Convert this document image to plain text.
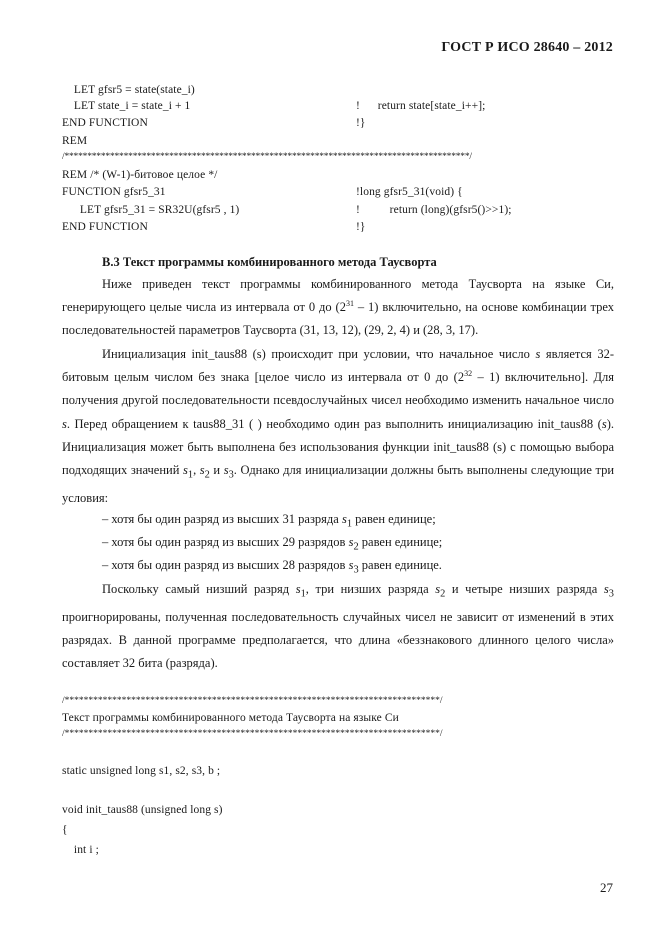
ГОСТ Р ИСО 28640 – 2012
LET gfsr5 = state(state_i)
LET state_i = state_i + 1	!      return state[state_i++];
END FUNCTION	!}
REM
/*****************************************************************************************/
REM /* (W-1)-битовое целое */
FUNCTION gfsr5_31	!long gfsr5_31(void) {
LET gfsr5_31 = SR32U(gfsr5 , 1)	!          return (long)(gfsr5()>>1);
END FUNCTION	!}
В.3 Текст программы комбинированного метода Таусворта
Ниже приведен текст программы комбинированного метода Таусворта на языке Си, генерирующего целые числа из интервала от 0 до $(2^{31} - 1)$ включительно, на основе комбинации трех последовательностей параметров Таусворта (31, 13, 12), (29, 2, 4) и (28, 3, 17).
Инициализация init_taus88 (s) происходит при условии, что начальное число s является 32-битовым целым числом без знака [целое число из интервала от 0 до $(2^{32} - 1)$ включительно]. Для получения другой последовательности псевдослучайных чисел необходимо изменить начальное число s. Перед обращением к taus88_31 ( ) необходимо один раз выполнить инициализацию init_taus88 (s). Инициализация может быть выполнена без использования функции init_taus88 (s) с помощью выбора подходящих значений $s_1$, $s_2$ и $s_3$. Однако для инициализации должны быть выполнены следующие три условия:
– хотя бы один разряд из высших 31 разряда $s_1$ равен единице;
– хотя бы один разряд из высших 29 разрядов $s_2$ равен единице;
– хотя бы один разряд из высших 28 разрядов $s_3$ равен единице.
Поскольку самый низший разряд $s_1$, три низших разряда $s_2$ и четыре низших разряда $s_3$ проигнорированы, полученная последовательность случайных чисел не зависит от изменений в этих разрядах. В данной программе предполагается, что длина «беззнакового длинного целого числа» составляет 32 бита (разряда).
/*******************************************************************************/
Текст программы комбинированного метода Таусворта на языке Си
/*******************************************************************************/
static unsigned long s1, s2, s3, b ;
void init_taus88 (unsigned long s)
{
int i ;
27
